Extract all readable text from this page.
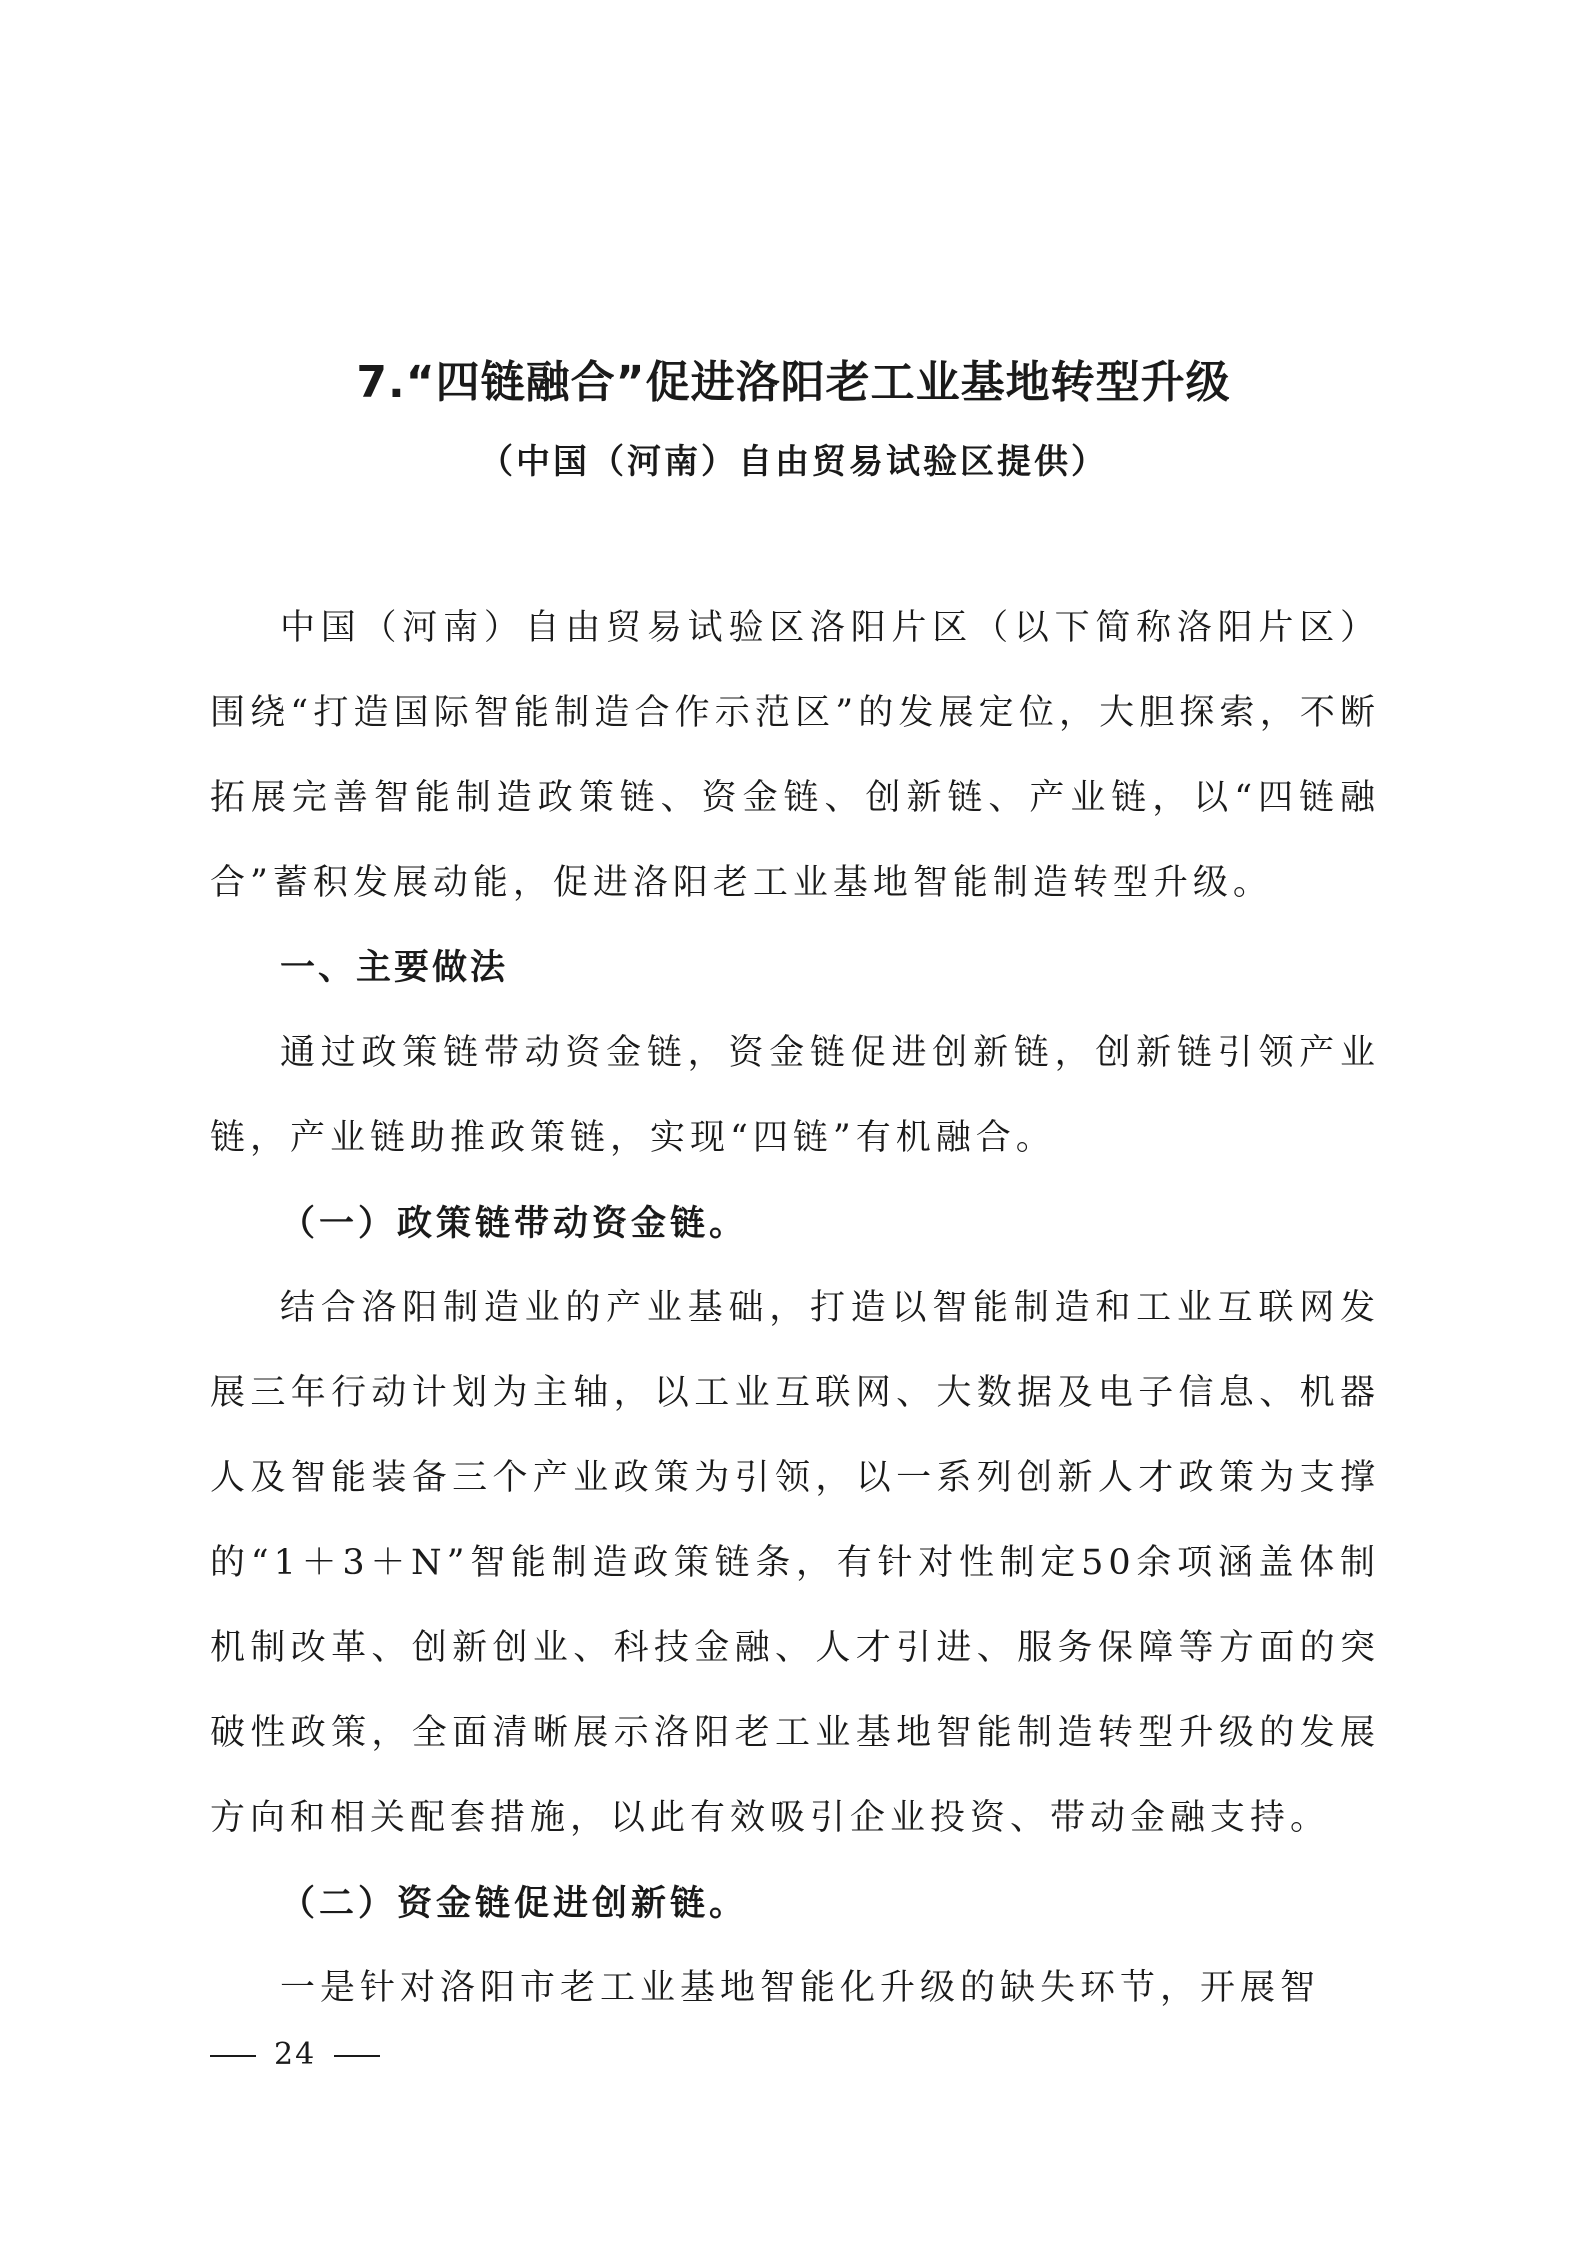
7.“四链融合”促进洛阳老工业基地转型升级
（中国（河南）自由贸易试验区提供）

中国（河南）自由贸易试验区洛阳片区（以下简称洛阳片区）围绕“打造国际智能制造合作示范区”的发展定位，大胆探索，不断拓展完善智能制造政策链、资金链、创新链、产业链，以“四链融合”蓄积发展动能，促进洛阳老工业基地智能制造转型升级。

一、主要做法

通过政策链带动资金链，资金链促进创新链，创新链引领产业链，产业链助推政策链，实现“四链”有机融合。

（一）政策链带动资金链。

结合洛阳制造业的产业基础，打造以智能制造和工业互联网发展三年行动计划为主轴，以工业互联网、大数据及电子信息、机器人及智能装备三个产业政策为引领，以一系列创新人才政策为支撑的“1＋3＋N”智能制造政策链条，有针对性制定50余项涵盖体制机制改革、创新创业、科技金融、人才引进、服务保障等方面的突破性政策，全面清晰展示洛阳老工业基地智能制造转型升级的发展方向和相关配套措施，以此有效吸引企业投资、带动金融支持。

（二）资金链促进创新链。

一是针对洛阳市老工业基地智能化升级的缺失环节，开展智

24
